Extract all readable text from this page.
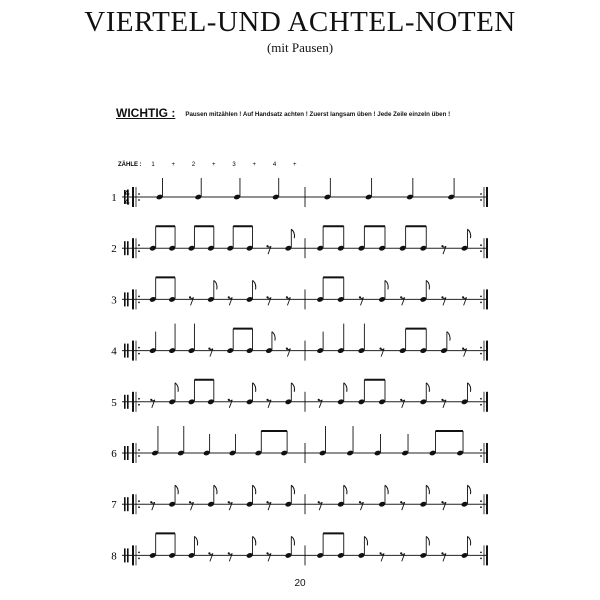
VIERTEL-UND ACHTEL-NOTEN
(mit Pausen)
WICHTIG : Pausen mitzählen ! Auf Handsatz achten ! Zuerst langsam üben ! Jede Zeile einzeln üben !
ZÄHLE : 1	+	2	+	3	+	4	+
1 4
4
2
3
4
5
6
7
8
20
